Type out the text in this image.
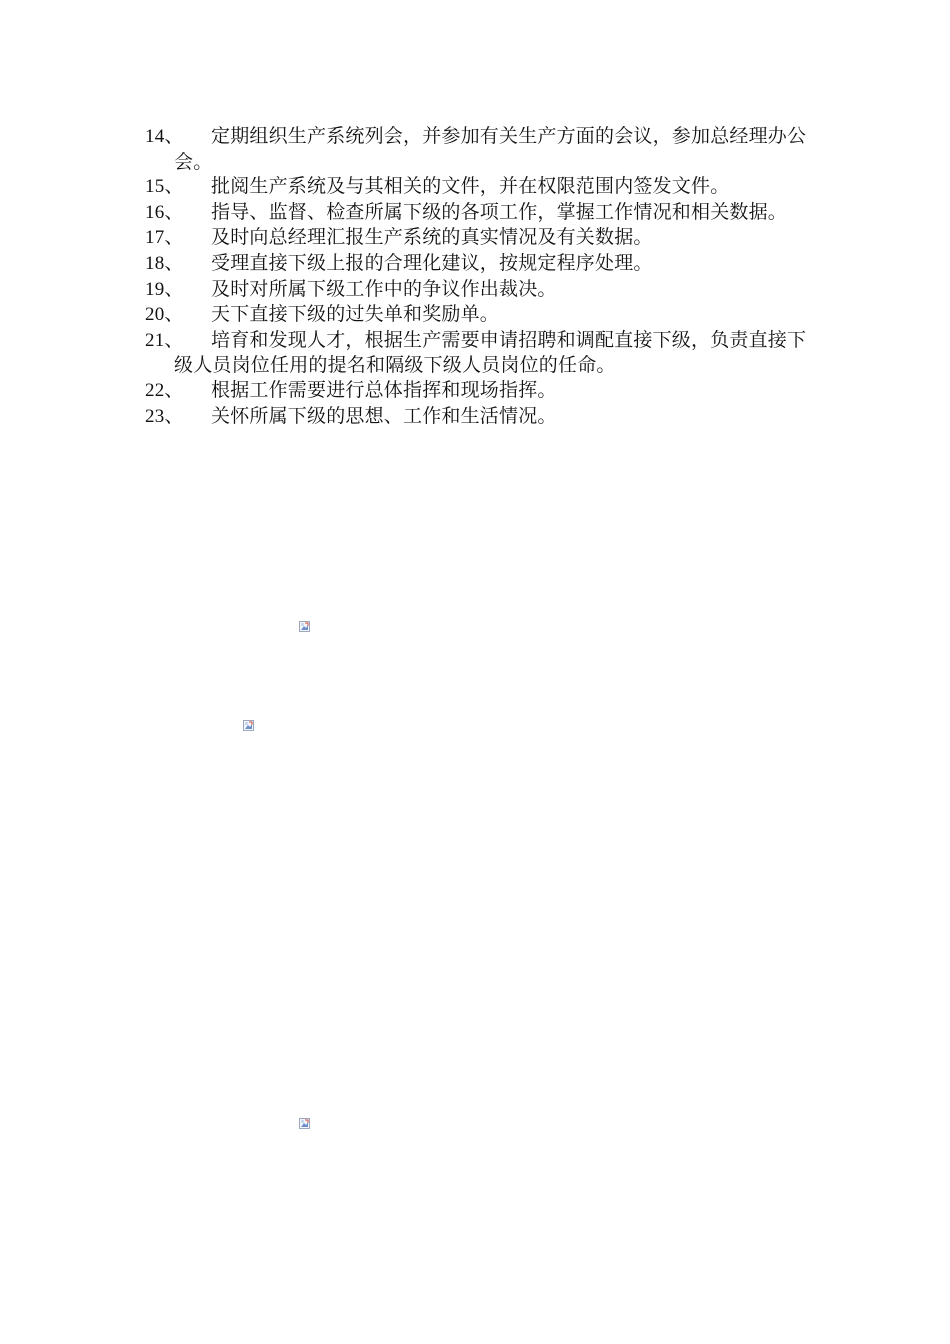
14、 定期组织生产系统列会，并参加有关生产方面的会议，参加总经理办公会。
15、 批阅生产系统及与其相关的文件，并在权限范围内签发文件。
16、 指导、监督、检查所属下级的各项工作，掌握工作情况和相关数据。
17、 及时向总经理汇报生产系统的真实情况及有关数据。
18、 受理直接下级上报的合理化建议，按规定程序处理。
19、 及时对所属下级工作中的争议作出裁决。
20、 天下直接下级的过失单和奖励单。
21、 培育和发现人才，根据生产需要申请招聘和调配直接下级，负责直接下级人员岗位任用的提名和隔级下级人员岗位的任命。
22、 根据工作需要进行总体指挥和现场指挥。
23、 关怀所属下级的思想、工作和生活情况。
